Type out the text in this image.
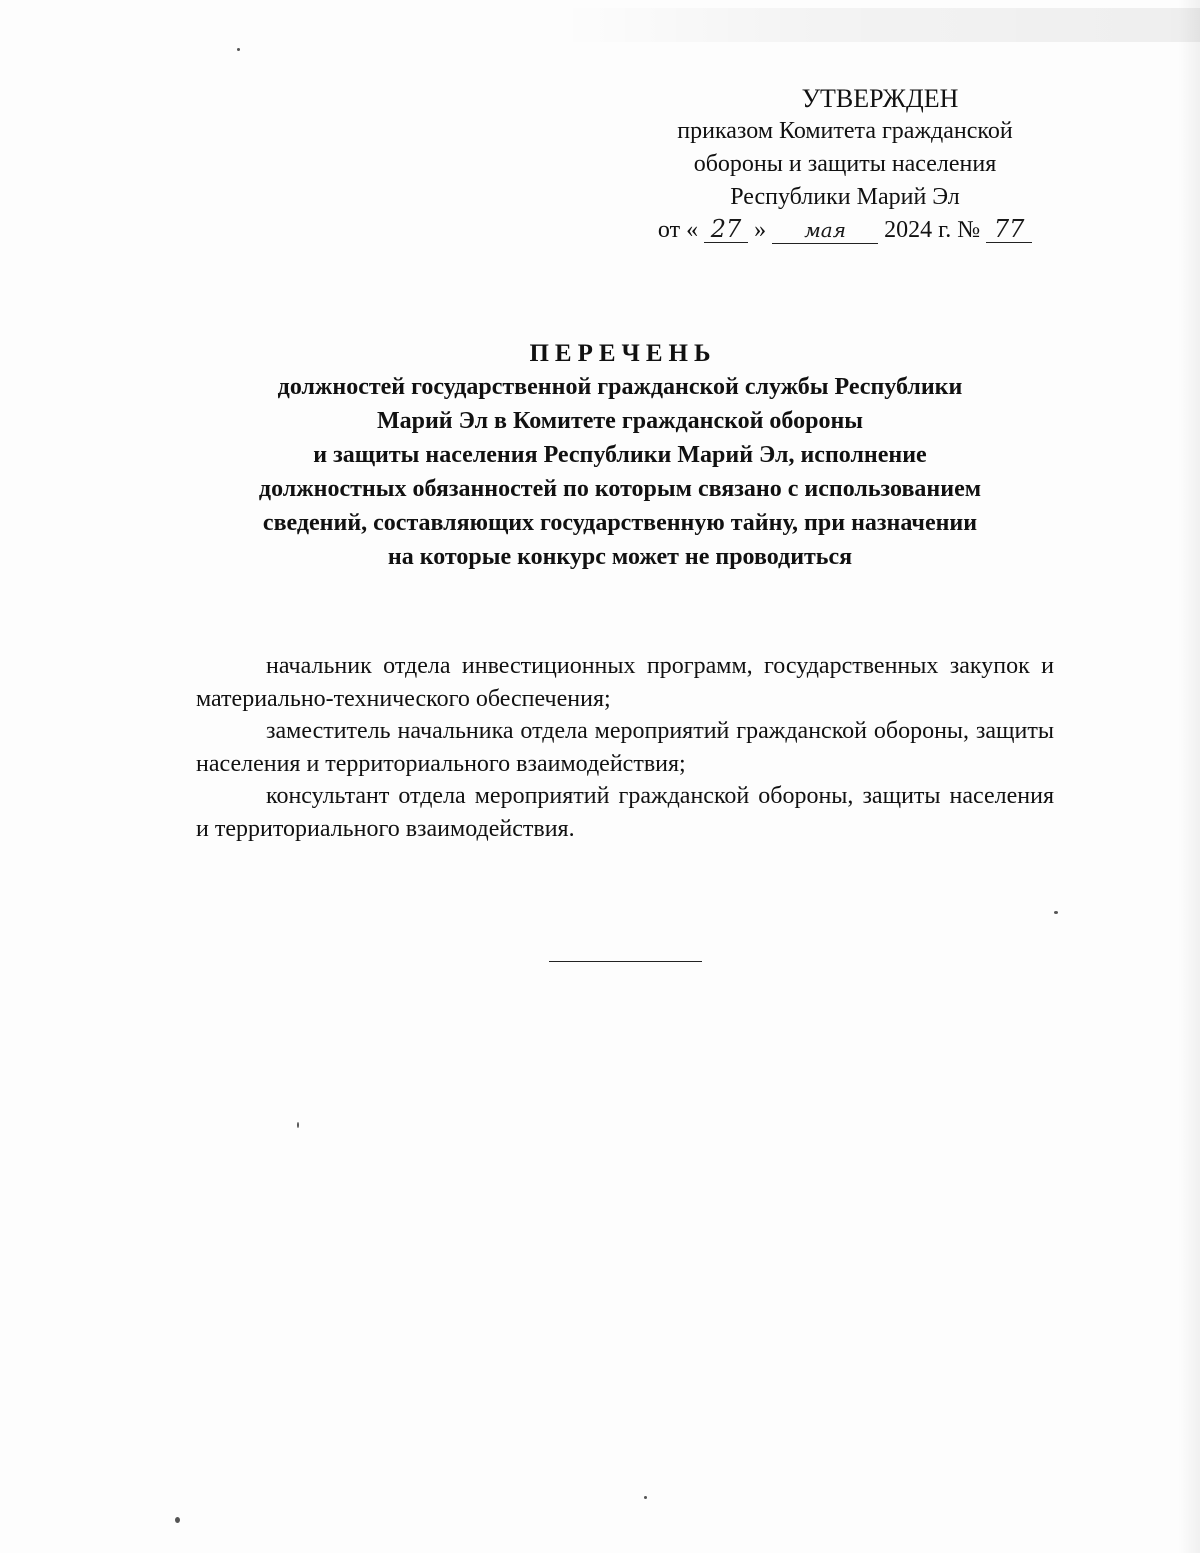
УТВЕРЖДЕН
приказом Комитета гражданской
обороны и защиты населения
Республики Марий Эл
от « 27 » мая 2024 г. № 77
ПЕРЕЧЕНЬ
должностей государственной гражданской службы Республики
Марий Эл в Комитете гражданской обороны
и защиты населения Республики Марий Эл, исполнение
должностных обязанностей по которым связано с использованием
сведений, составляющих государственную тайну, при назначении
на которые конкурс может не проводиться

начальник отдела инвестиционных программ, государственных закупок и материально-технического обеспечения;

заместитель начальника отдела мероприятий гражданской обороны, защиты населения и территориального взаимодействия;

консультант отдела мероприятий гражданской обороны, защиты населения и территориального взаимодействия.
